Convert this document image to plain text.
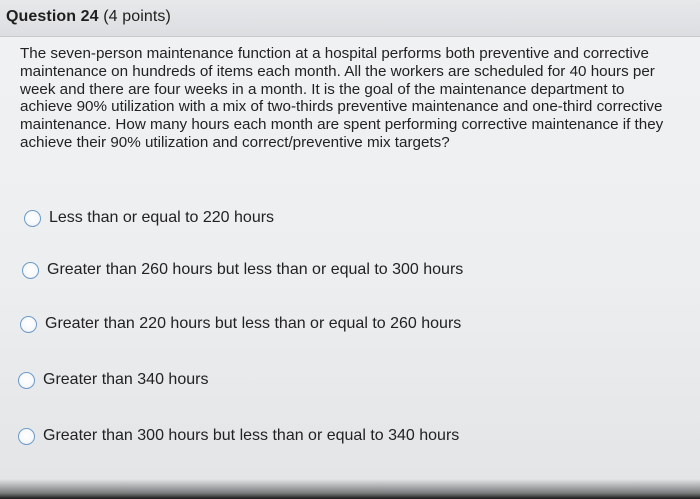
Question 24 (4 points)
The seven-person maintenance function at a hospital performs both preventive and corrective maintenance on hundreds of items each month. All the workers are scheduled for 40 hours per week and there are four weeks in a month. It is the goal of the maintenance department to achieve 90% utilization with a mix of two-thirds preventive maintenance and one-third corrective maintenance. How many hours each month are spent performing corrective maintenance if they achieve their 90% utilization and correct/preventive mix targets?
Less than or equal to 220 hours
Greater than 260 hours but less than or equal to 300 hours
Greater than 220 hours but less than or equal to 260 hours
Greater than 340 hours
Greater than 300 hours but less than or equal to 340 hours
